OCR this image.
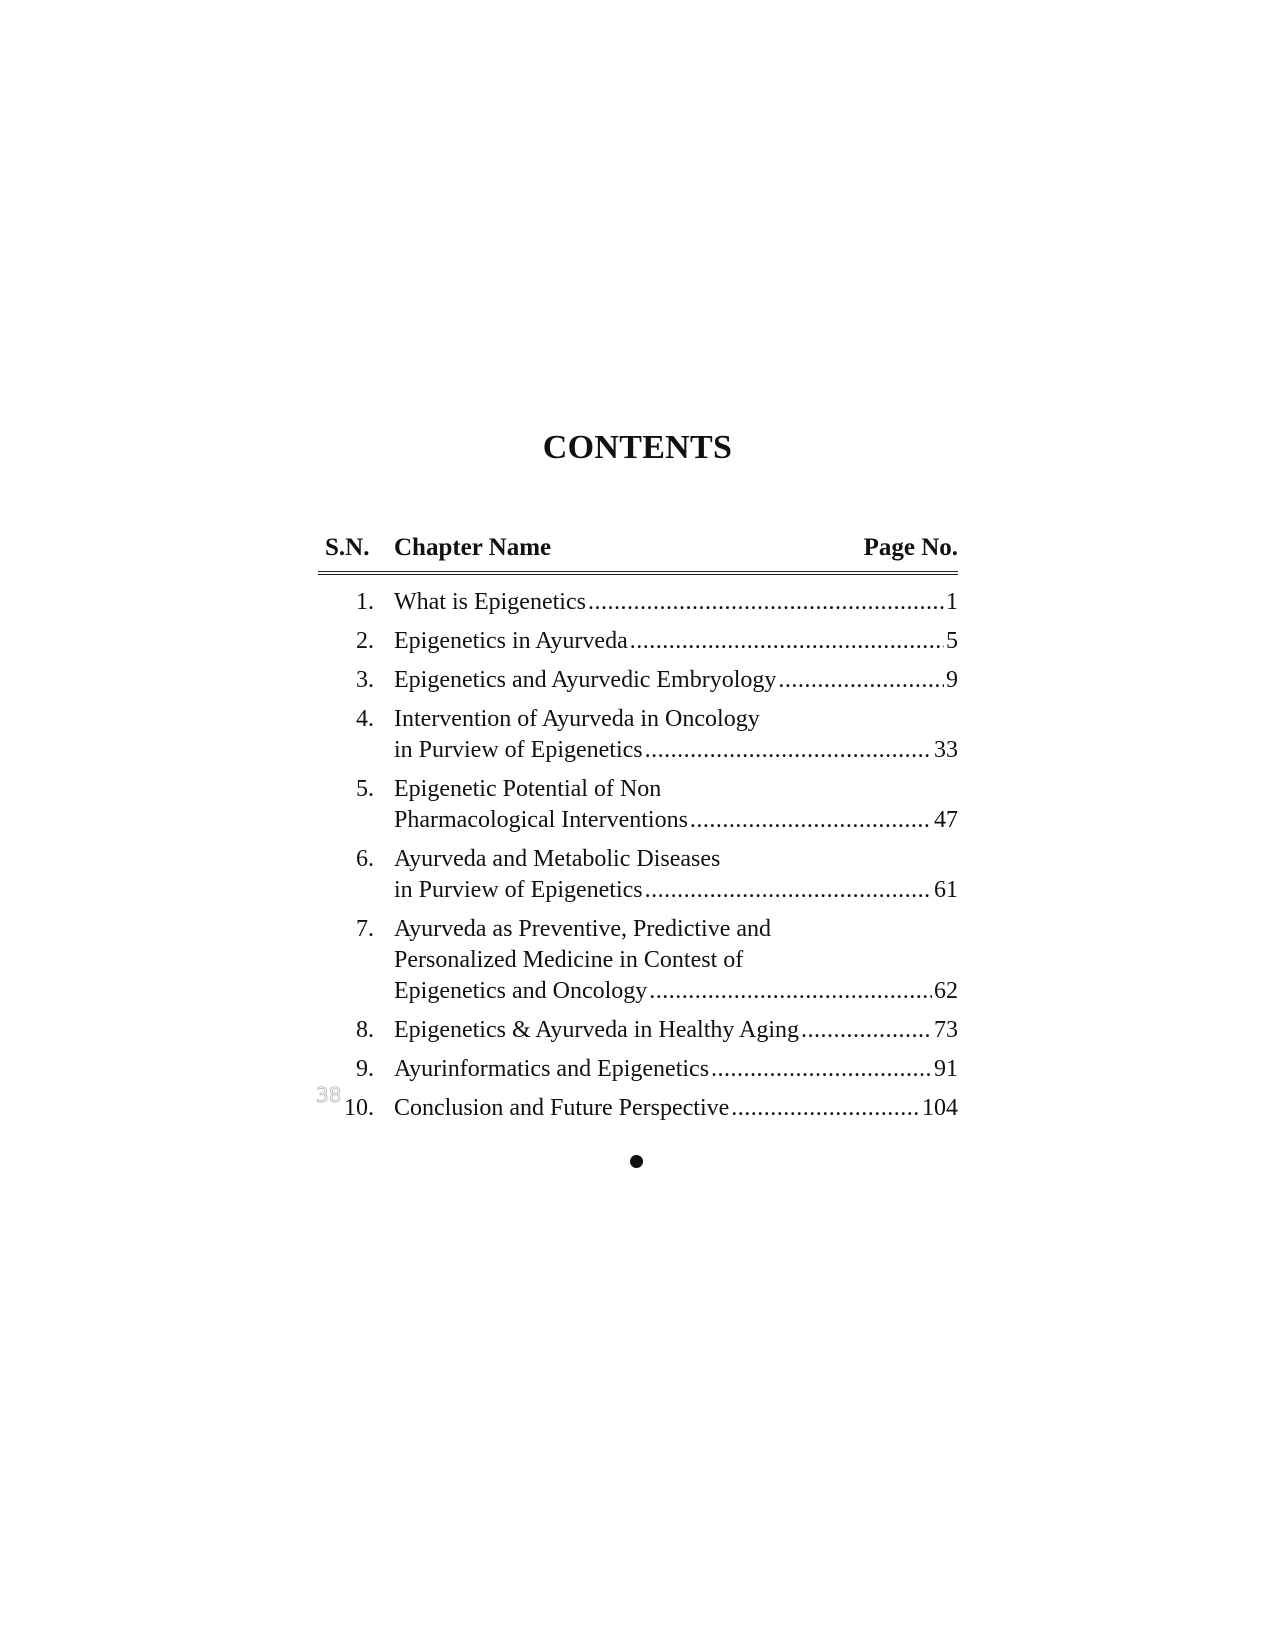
CONTENTS
S.N. Chapter Name	Page No.
1. What is Epigenetics .....	1
2. Epigenetics in Ayurveda .....	5
3. Epigenetics and Ayurvedic Embryology .....	9
4. Intervention of Ayurveda in Oncology
in Purview of Epigenetics .....	33
5. Epigenetic Potential of Non
Pharmacological Interventions .....	47
6. Ayurveda and Metabolic Diseases
in Purview of Epigenetics .....	61
7. Ayurveda as Preventive, Predictive and
Personalized Medicine in Contest of
Epigenetics and Oncology .....	62
8. Epigenetics & Ayurveda in Healthy Aging .....	73
9. Ayurinformatics and Epigenetics .....	91
10. Conclusion and Future Perspective .....	104
38
